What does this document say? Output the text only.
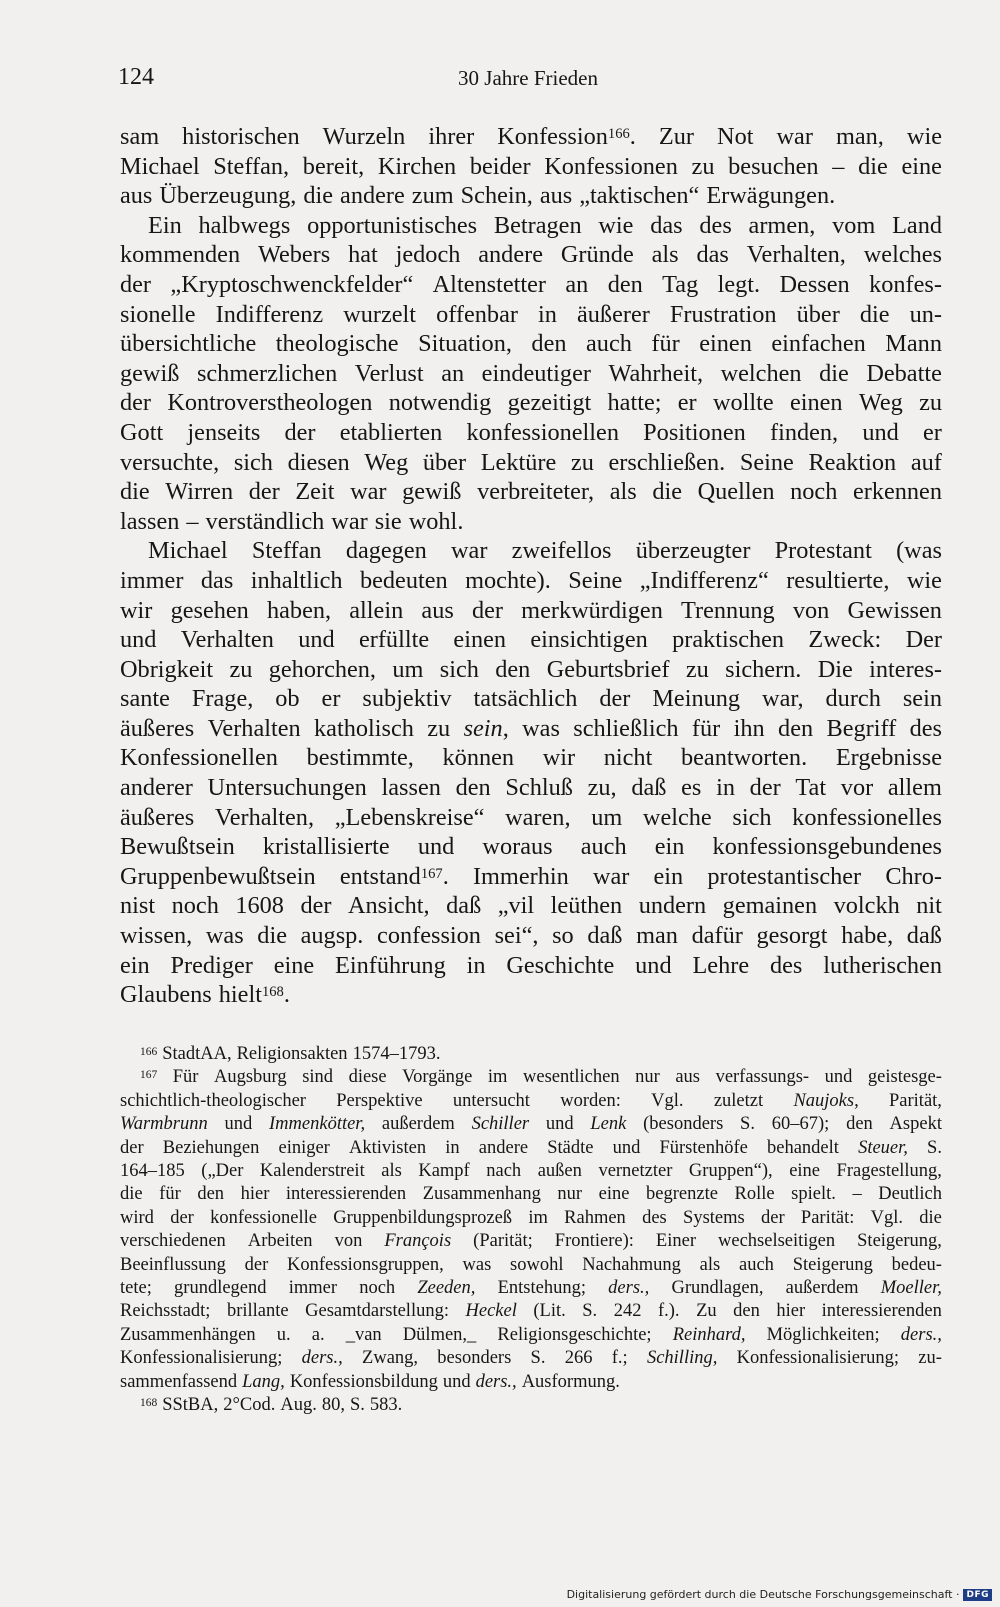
124	30 Jahre Frieden
sam historischen Wurzeln ihrer Konfession$^{166}$. Zur Not war man, wie
Michael Steffan, bereit, Kirchen beider Konfessionen zu besuchen – die eine
aus Überzeugung, die andere zum Schein, aus „taktischen“ Erwägungen.
Ein halbwegs opportunistisches Betragen wie das des armen, vom Land
kommenden Webers hat jedoch andere Gründe als das Verhalten, welches
der „Kryptoschwenckfelder“ Altenstetter an den Tag legt. Dessen konfes-
sionelle Indifferenz wurzelt offenbar in äußerer Frustration über die un-
übersichtliche theologische Situation, den auch für einen einfachen Mann
gewiß schmerzlichen Verlust an eindeutiger Wahrheit, welchen die Debatte
der Kontroverstheologen notwendig gezeitigt hatte; er wollte einen Weg zu
Gott jenseits der etablierten konfessionellen Positionen finden, und er
versuchte, sich diesen Weg über Lektüre zu erschließen. Seine Reaktion auf
die Wirren der Zeit war gewiß verbreiteter, als die Quellen noch erkennen
lassen – verständlich war sie wohl.
Michael Steffan dagegen war zweifellos überzeugter Protestant (was
immer das inhaltlich bedeuten mochte). Seine „Indifferenz“ resultierte, wie
wir gesehen haben, allein aus der merkwürdigen Trennung von Gewissen
und Verhalten und erfüllte einen einsichtigen praktischen Zweck: Der
Obrigkeit zu gehorchen, um sich den Geburtsbrief zu sichern. Die interes-
sante Frage, ob er subjektiv tatsächlich der Meinung war, durch sein
äußeres Verhalten katholisch zu sein, was schließlich für ihn den Begriff des
Konfessionellen bestimmte, können wir nicht beantworten. Ergebnisse
anderer Untersuchungen lassen den Schluß zu, daß es in der Tat vor allem
äußeres Verhalten, „Lebenskreise“ waren, um welche sich konfessionelles
Bewußtsein kristallisierte und woraus auch ein konfessionsgebundenes
Gruppenbewußtsein entstand$^{167}$. Immerhin war ein protestantischer Chro-
nist noch 1608 der Ansicht, daß „vil leüthen undern gemainen volckh nit
wissen, was die augsp. confession sei“, so daß man dafür gesorgt habe, daß
ein Prediger eine Einführung in Geschichte und Lehre des lutherischen
Glaubens hielt$^{168}$.
$^{166}$ StadtAA, Religionsakten 1574–1793.
$^{167}$ Für Augsburg sind diese Vorgänge im wesentlichen nur aus verfassungs- und geistesge-
schichtlich-theologischer Perspektive untersucht worden: Vgl. zuletzt Naujoks, Parität,
Warmbrunn und Immenkötter, außerdem Schiller und Lenk (besonders S. 60–67); den Aspekt
der Beziehungen einiger Aktivisten in andere Städte und Fürstenhöfe behandelt Steuer, S.
164–185 („Der Kalenderstreit als Kampf nach außen vernetzter Gruppen“), eine Fragestellung,
die für den hier interessierenden Zusammenhang nur eine begrenzte Rolle spielt. – Deutlich
wird der konfessionelle Gruppenbildungsprozeß im Rahmen des Systems der Parität: Vgl. die
verschiedenen Arbeiten von François (Parität; Frontiere): Einer wechselseitigen Steigerung,
Beeinflussung der Konfessionsgruppen, was sowohl Nachahmung als auch Steigerung bedeu-
tete; grundlegend immer noch Zeeden, Entstehung; ders., Grundlagen, außerdem Moeller,
Reichsstadt; brillante Gesamtdarstellung: Heckel (Lit. S. 242 f.). Zu den hier interessierenden
Zusammenhängen u. a. _van Dülmen,_ Religionsgeschichte; Reinhard, Möglichkeiten; ders.,
Konfessionalisierung; ders., Zwang, besonders S. 266 f.; Schilling, Konfessionalisierung; zu-
sammenfassend Lang, Konfessionsbildung und ders., Ausformung.
$^{168}$ SStBA, 2°Cod. Aug. 80, S. 583.
Digitalisierung gefördert durch die Deutsche Forschungsgemeinschaft · DFG
